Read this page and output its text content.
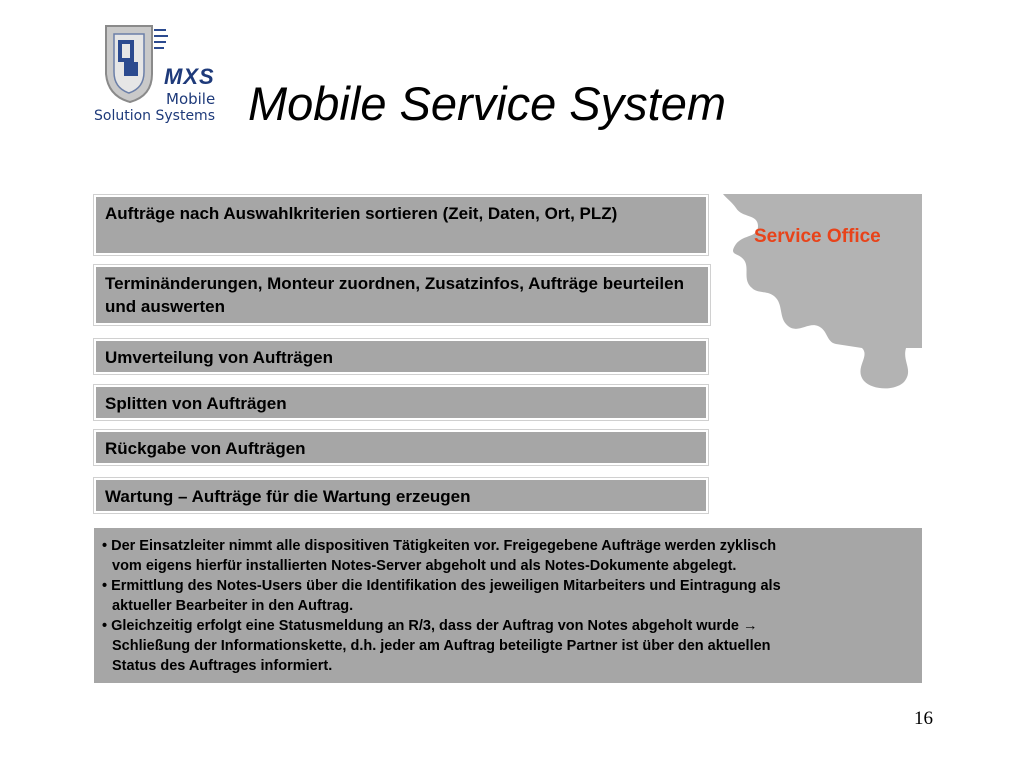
MXS
Mobile
Solution Systems Mobile Service System
Aufträge nach Auswahlkriterien sortieren (Zeit, Daten, Ort, PLZ)
Terminänderungen, Monteur zuordnen, Zusatzinfos, Aufträge beurteilen und auswerten
Umverteilung von Aufträgen
Splitten von Aufträgen
Rückgabe von Aufträgen
Wartung – Aufträge für die Wartung erzeugen
Service Office
• Der Einsatzleiter nimmt alle dispositiven Tätigkeiten vor. Freigegebene Aufträge werden zyklisch
vom eigens hierfür installierten Notes-Server abgeholt und als Notes-Dokumente abgelegt.
• Ermittlung des Notes-Users über die Identifikation des jeweiligen Mitarbeiters und Eintragung als
aktueller Bearbeiter in den Auftrag.
• Gleichzeitig erfolgt eine Statusmeldung an R/3, dass der Auftrag von Notes abgeholt wurde →
Schließung der Informationskette, d.h. jeder am Auftrag beteiligte Partner ist über den aktuellen
Status des Auftrages informiert.
16
